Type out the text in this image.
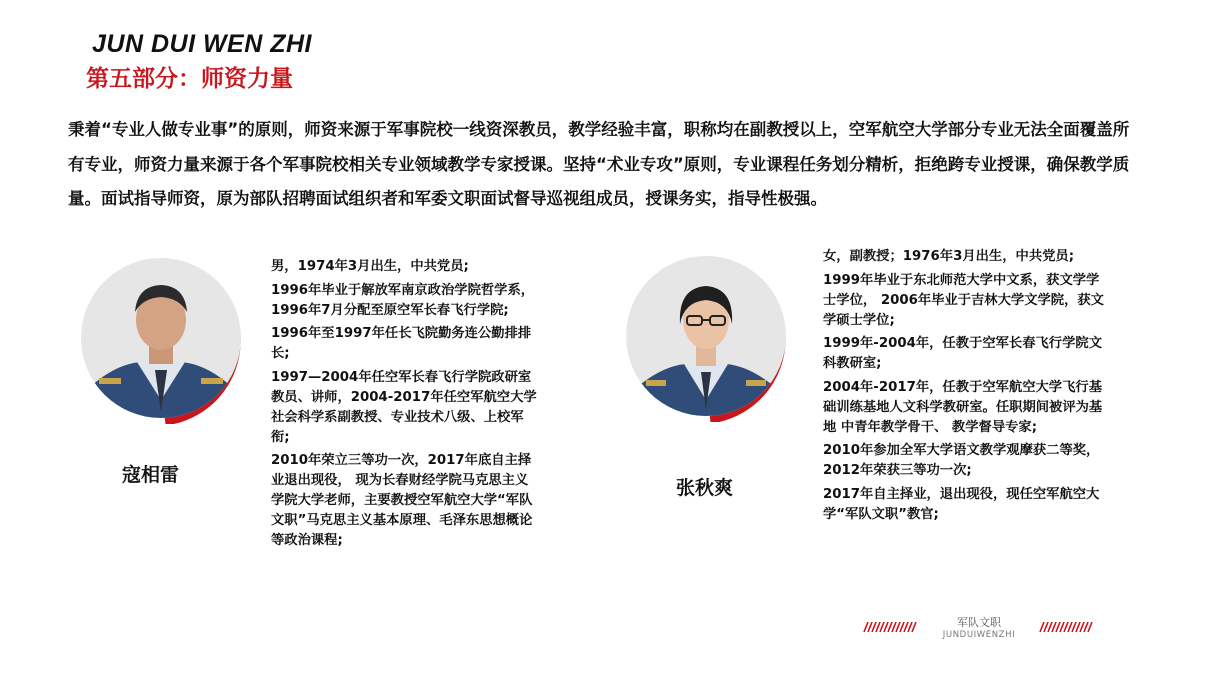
JUN DUI WEN ZHI
第五部分：师资力量
秉着“专业人做专业事”的原则，师资来源于军事院校一线资深教员，教学经验丰富，职称均在副教授以上，空军航空大学部分专业无法全面覆盖所有专业，师资力量来源于各个军事院校相关专业领域教学专家授课。坚持“术业专攻”原则，专业课程任务划分精析，拒绝跨专业授课，确保教学质量。面试指导师资，原为部队招聘面试组织者和军委文职面试督导巡视组成员，授课务实，指导性极强。
寇相雷

男，1974年3月出生，中共党员;

1996年毕业于解放军南京政治学院哲学系， 1996年7月分配至原空军长春飞行学院;

1996年至1997年任长飞院勤务连公勤排排长;

1997—2004年任空军长春飞行学院政研室教员、讲师，2004-2017年任空军航空大学社会科学系副教授、专业技术八级、上校军衔;

2010年荣立三等功一次，2017年底自主择业退出现役， 现为长春财经学院马克思主义学院大学老师，主要教授空军航空大学“军队文职”马克思主义基本原理、毛泽东思想概论等政治课程;

张秋爽

女，副教授；1976年3月出生，中共党员;

1999年毕业于东北师范大学中文系，获文学学士学位， 2006年毕业于吉林大学文学院，获文学硕士学位;

1999年-2004年，任教于空军长春飞行学院文科教研室;

2004年-2017年，任教于空军航空大学飞行基础训练基地人文科学教研室。任职期间被评为基地 中青年教学骨干、 教学督导专家;

2010年参加全军大学语文教学观摩获二等奖，2012年荣获三等功一次;

2017年自主择业，退出现役，现任空军航空大学“军队文职”教官;

军队文职
JUNDUIWENZHI
